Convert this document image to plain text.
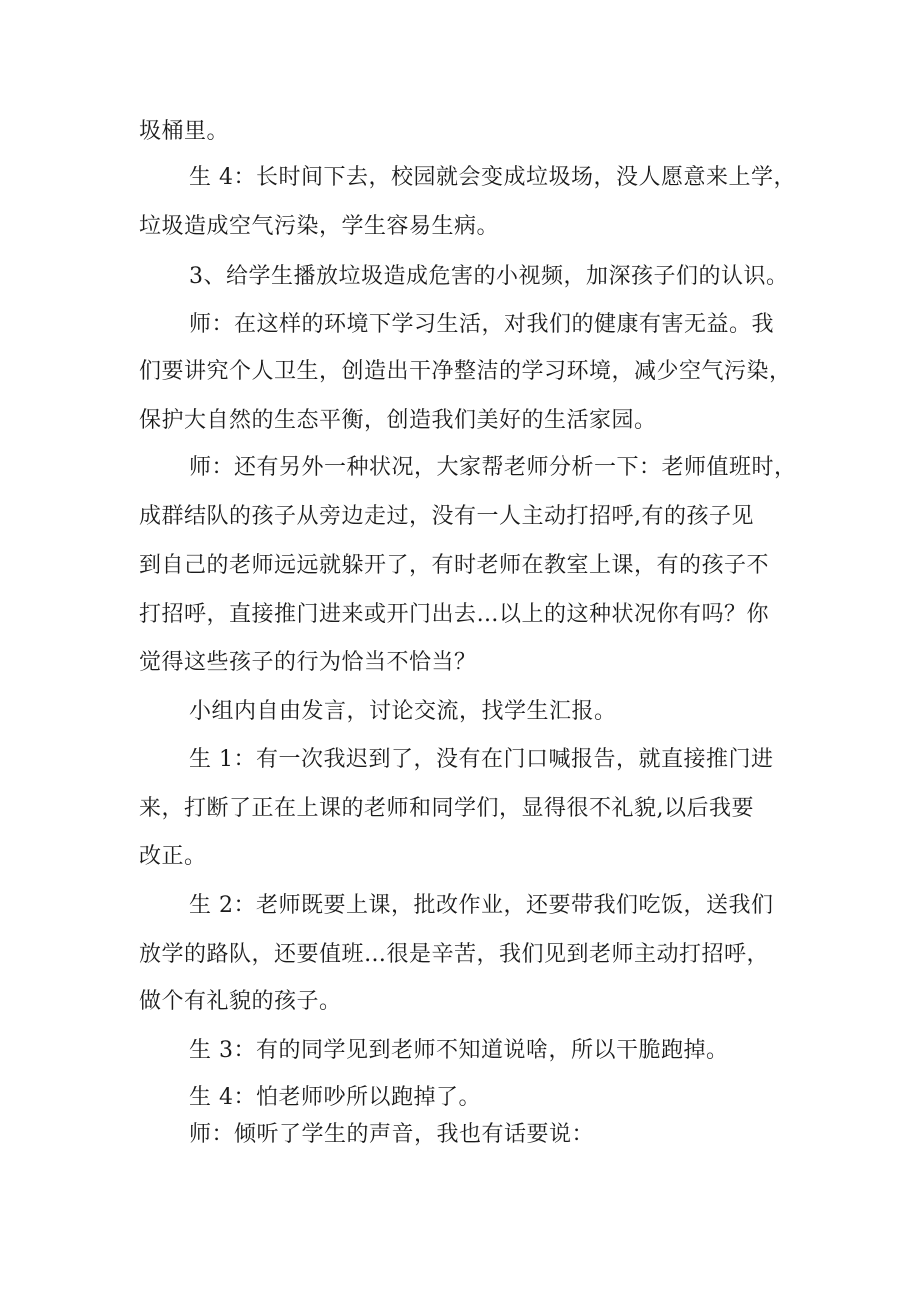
圾桶里。
生 4：长时间下去，校园就会变成垃圾场，没人愿意来上学，
垃圾造成空气污染，学生容易生病。
3、给学生播放垃圾造成危害的小视频，加深孩子们的认识。
师：在这样的环境下学习生活，对我们的健康有害无益。我
们要讲究个人卫生，创造出干净整洁的学习环境，减少空气污染，
保护大自然的生态平衡，创造我们美好的生活家园。
师：还有另外一种状况，大家帮老师分析一下：老师值班时，
成群结队的孩子从旁边走过，没有一人主动打招呼,有的孩子见
到自己的老师远远就躲开了，有时老师在教室上课，有的孩子不
打招呼，直接推门进来或开门出去…以上的这种状况你有吗？你
觉得这些孩子的行为恰当不恰当？
小组内自由发言，讨论交流，找学生汇报。
生 1：有一次我迟到了，没有在门口喊报告，就直接推门进
来，打断了正在上课的老师和同学们，显得很不礼貌,以后我要
改正。
生 2：老师既要上课，批改作业，还要带我们吃饭，送我们
放学的路队，还要值班…很是辛苦，我们见到老师主动打招呼，
做个有礼貌的孩子。
生 3：有的同学见到老师不知道说啥，所以干脆跑掉。
生 4：怕老师吵所以跑掉了。
师：倾听了学生的声音，我也有话要说：
